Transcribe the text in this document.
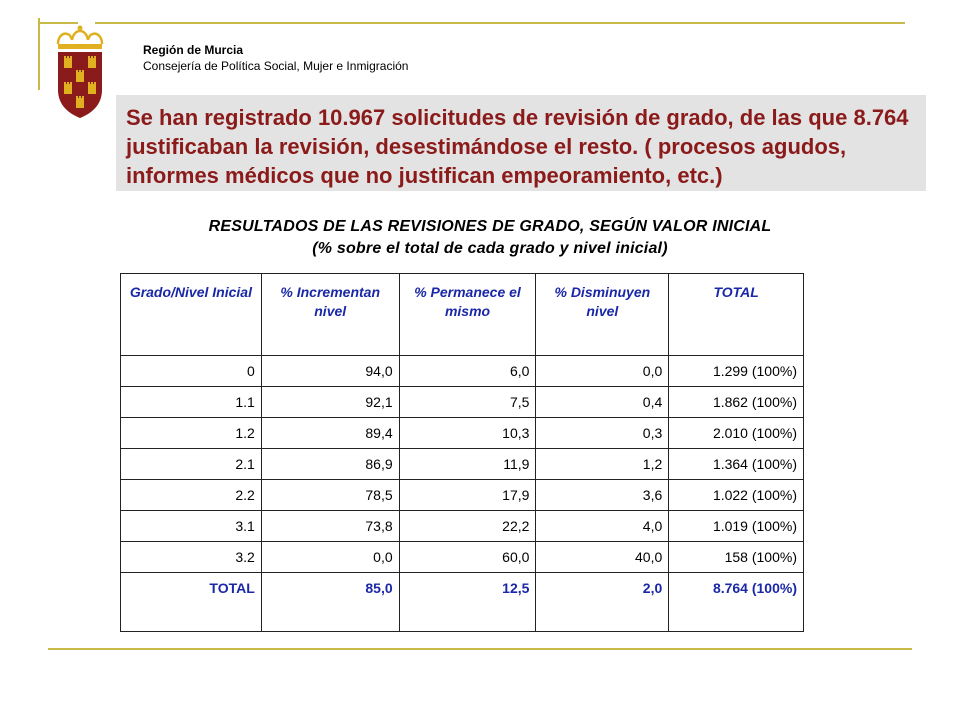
Región de Murcia
Consejería de Política Social, Mujer e Inmigración
Se han registrado 10.967 solicitudes de revisión de grado, de las que 8.764 justificaban la revisión, desestimándose el resto. ( procesos agudos, informes médicos que no justifican empeoramiento, etc.)
RESULTADOS DE LAS REVISIONES DE GRADO, SEGÚN VALOR INICIAL
(% sobre el total de cada grado y nivel inicial)
Grado/Nivel Inicial	% Incrementan nivel	% Permanece el mismo	% Disminuyen nivel	TOTAL
0	94,0	6,0	0,0	1.299 (100%)
1.1	92,1	7,5	0,4	1.862 (100%)
1.2	89,4	10,3	0,3	2.010 (100%)
2.1	86,9	11,9	1,2	1.364 (100%)
2.2	78,5	17,9	3,6	1.022 (100%)
3.1	73,8	22,2	4,0	1.019 (100%)
3.2	0,0	60,0	40,0	158 (100%)
TOTAL	85,0	12,5	2,0	8.764 (100%)
